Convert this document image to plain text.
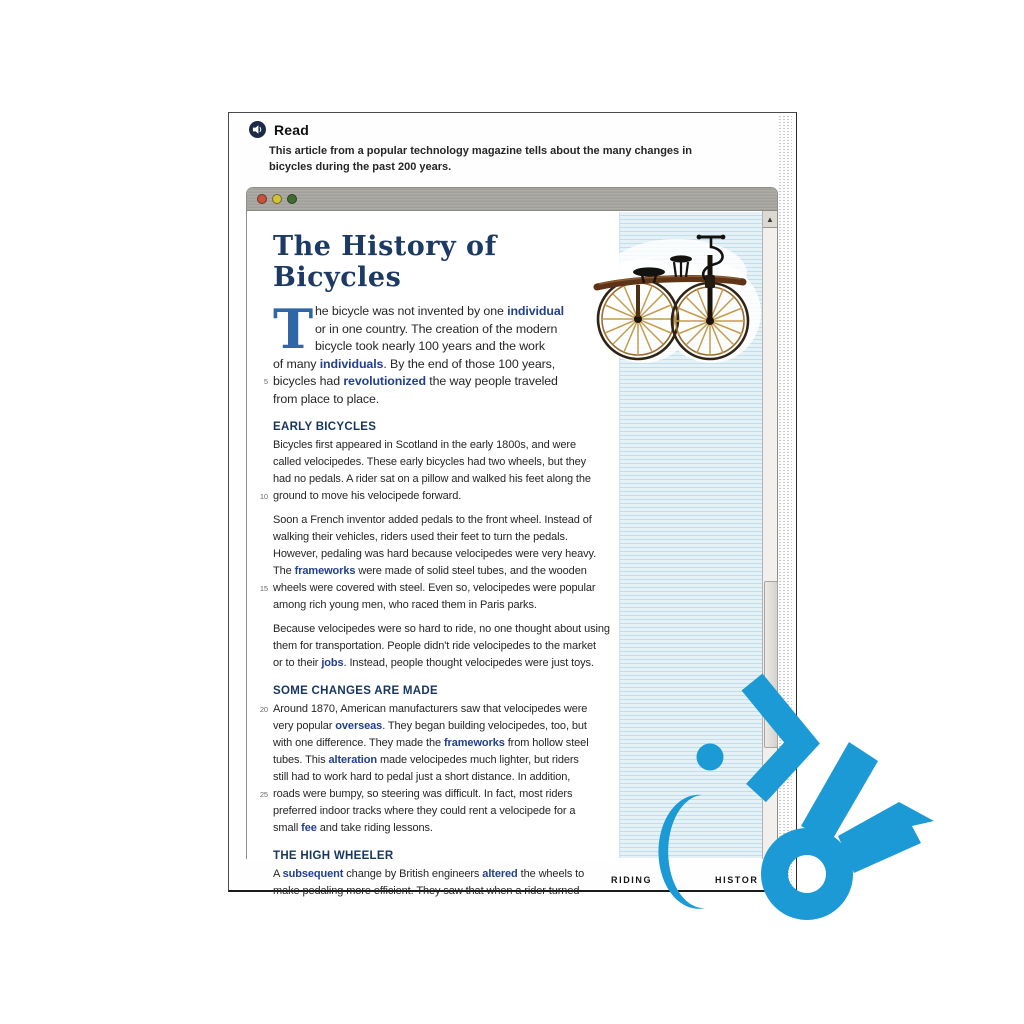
Read
This article from a popular technology magazine tells about the many changes in
bicycles during the past 200 years.
▲
The History of Bicycles
T he bicycle was not invented by one individual
or in one country. The creation of the modern
bicycle took nearly 100 years and the work
of many individuals. By the end of those 100 years,
5 bicycles had revolutionized the way people traveled
from place to place.
EARLY BICYCLES
Bicycles first appeared in Scotland in the early 1800s, and were
called velocipedes. These early bicycles had two wheels, but they
had no pedals. A rider sat on a pillow and walked his feet along the
10 ground to move his velocipede forward.
Soon a French inventor added pedals to the front wheel. Instead of
walking their vehicles, riders used their feet to turn the pedals.
However, pedaling was hard because velocipedes were very heavy.
The frameworks were made of solid steel tubes, and the wooden
15 wheels were covered with steel. Even so, velocipedes were popular
among rich young men, who raced them in Paris parks.
Because velocipedes were so hard to ride, no one thought about using
them for transportation. People didn't ride velocipedes to the market
or to their jobs. Instead, people thought velocipedes were just toys.
SOME CHANGES ARE MADE
20 Around 1870, American manufacturers saw that velocipedes were
very popular overseas. They began building velocipedes, too, but
with one difference. They made the frameworks from hollow steel
tubes. This alteration made velocipedes much lighter, but riders
still had to work hard to pedal just a short distance. In addition,
25 roads were bumpy, so steering was difficult. In fact, most riders
preferred indoor tracks where they could rent a velocipede for a
small fee and take riding lessons.
THE HIGH WHEELER
A subsequent change by British engineers altered the wheels to
make pedaling more efficient. They saw that when a rider turned
RIDING	HISTOR
